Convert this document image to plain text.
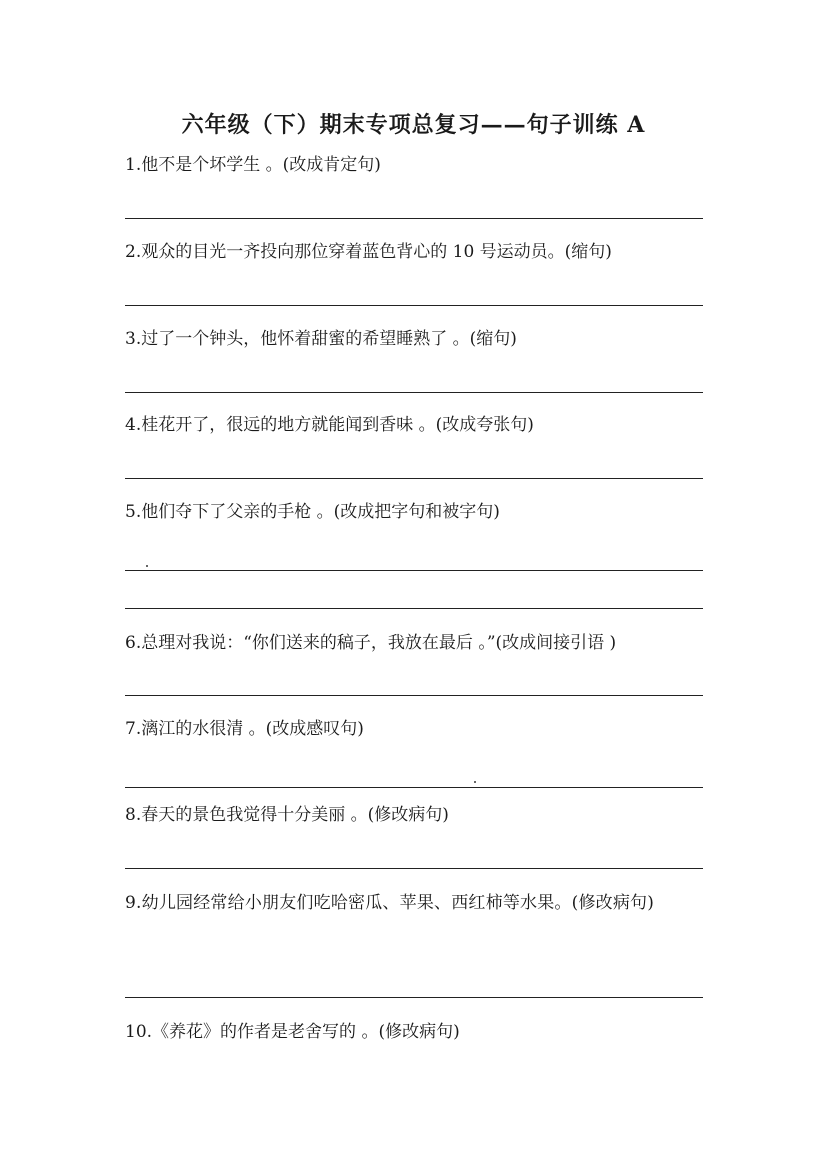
六年级（下）期末专项总复习——句子训练 A
1.他不是个坏学生 。(改成肯定句)
2.观众的目光一齐投向那位穿着蓝色背心的 10 号运动员。(缩句)
3.过了一个钟头，他怀着甜蜜的希望睡熟了 。(缩句)
4.桂花开了，很远的地方就能闻到香味 。(改成夸张句)
5.他们夺下了父亲的手枪 。(改成把字句和被字句)
6.总理对我说：“你们送来的稿子，我放在最后 。”(改成间接引语 )
7.漓江的水很清 。(改成感叹句)
8.春天的景色我觉得十分美丽 。(修改病句)
9.幼儿园经常给小朋友们吃哈密瓜、苹果、西红柿等水果。(修改病句)
10.《养花》的作者是老舍写的 。(修改病句)
